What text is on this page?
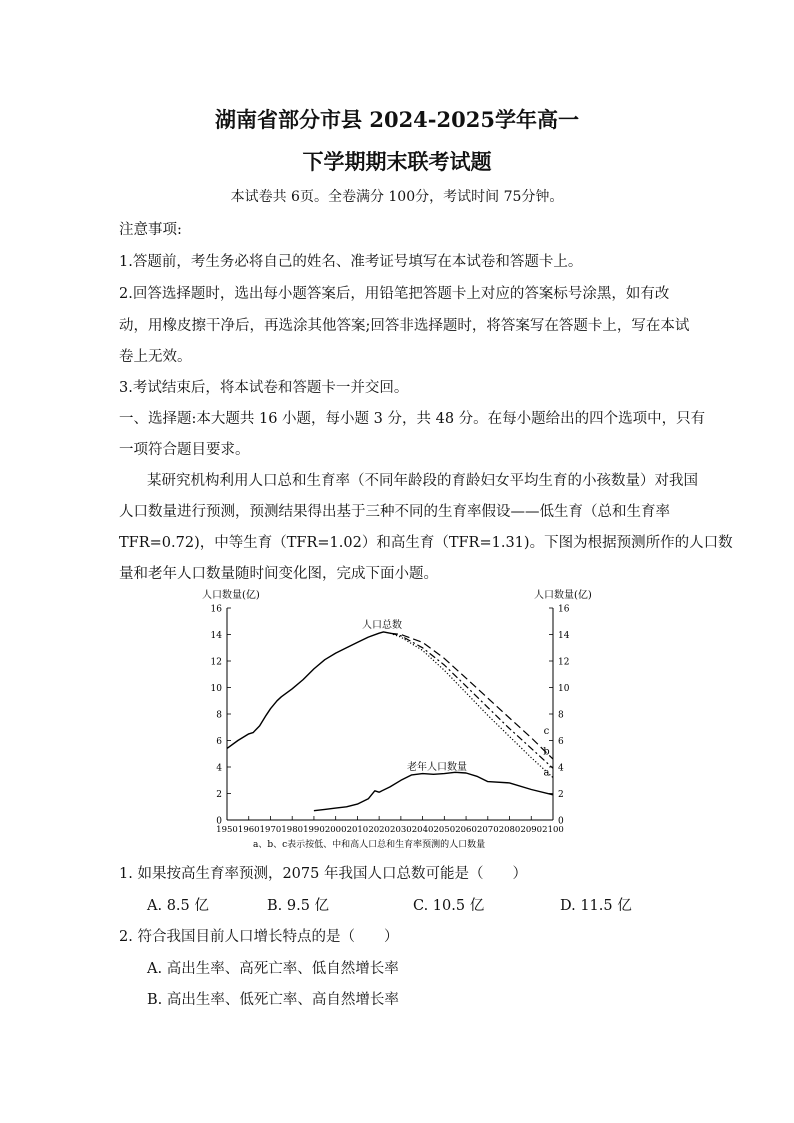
湖南省部分市县 2024-2025学年高一
下学期期末联考试题
本试卷共 6页。全卷满分 100分，考试时间 75分钟。
注意事项:
1.答题前，考生务必将自己的姓名、准考证号填写在本试卷和答题卡上。
2.回答选择题时，选出每小题答案后，用铅笔把答题卡上对应的答案标号涂黑，如有改
动，用橡皮擦干净后，再选涂其他答案;回答非选择题时，将答案写在答题卡上，写在本试
卷上无效。
3.考试结束后，将本试卷和答题卡一并交回。
一、选择题:本大题共 16 小题，每小题 3 分，共 48 分。在每小题给出的四个选项中，只有
一项符合题目要求。
某研究机构利用人口总和生育率（不同年龄段的育龄妇女平均生育的小孩数量）对我国
人口数量进行预测，预测结果得出基于三种不同的生育率假设——低生育（总和生育率
TFR=0.72)，中等生育（TFR=1.02）和高生育（TFR=1.31)。下图为根据预测所作的人口数
量和老年人口数量随时间变化图，完成下面小题。
0	0
2	2
4	4
6	6
8	8
10	10
12	12
14	14
16	16
1950 1960 1970 1980 1990 2000 2010 2020 2030 2040 2050 2060 2070 2080 2090 2100
a
b
c
人口数量(亿)	人口数量(亿)
人口总数
老年人口数量
a、b、c表示按低、中和高人口总和生育率预测的人口数量
1. 如果按高生育率预测，2075 年我国人口总数可能是（　　）
A. 8.5 亿	B. 9.5 亿	C. 10.5 亿	D. 11.5 亿
2. 符合我国目前人口增长特点的是（　　）
A. 高出生率、高死亡率、低自然增长率
B. 高出生率、低死亡率、高自然增长率
